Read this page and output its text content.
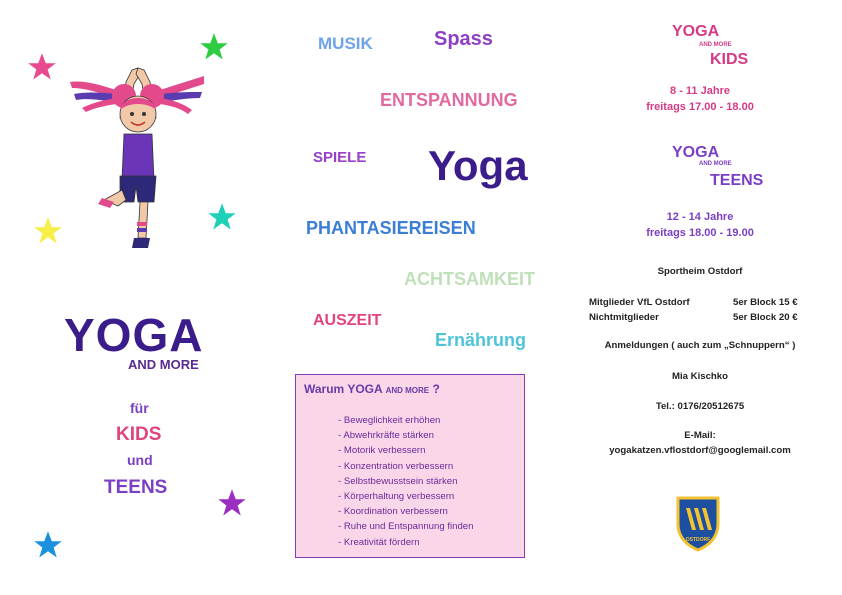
YOGA
AND MORE
für
KIDS
und
TEENS
MUSIK	Spass
ENTSPANNUNG
SPIELE Yoga
PHANTASIEREISEN
ACHTSAMKEIT
AUSZEIT
Ernährung
Warum YOGA AND MORE ?
- Beweglichkeit erhöhen
- Abwehrkräfte stärken
- Motorik verbessern
- Konzentration verbessern
- Selbstbewusstsein stärken
- Körperhaltung verbessern
- Koordination verbessern
- Ruhe und Entspannung finden
- Kreativität fördern
YOGA
AND MORE
KIDS
8 - 11 Jahre
freitags 17.00 - 18.00
YOGA
AND MORE
TEENS
12 - 14 Jahre
freitags 18.00 - 19.00
Sportheim Ostdorf
Mitglieder VfL Ostdorf	5er Block 15 €
Nichtmitglieder	5er Block 20 €
Anmeldungen ( auch zum „Schnuppern“ )
Mia Kischko
Tel.: 0176/20512675
E-Mail:
yogakatzen.vflostdorf@googlemail.com
OSTDORF
